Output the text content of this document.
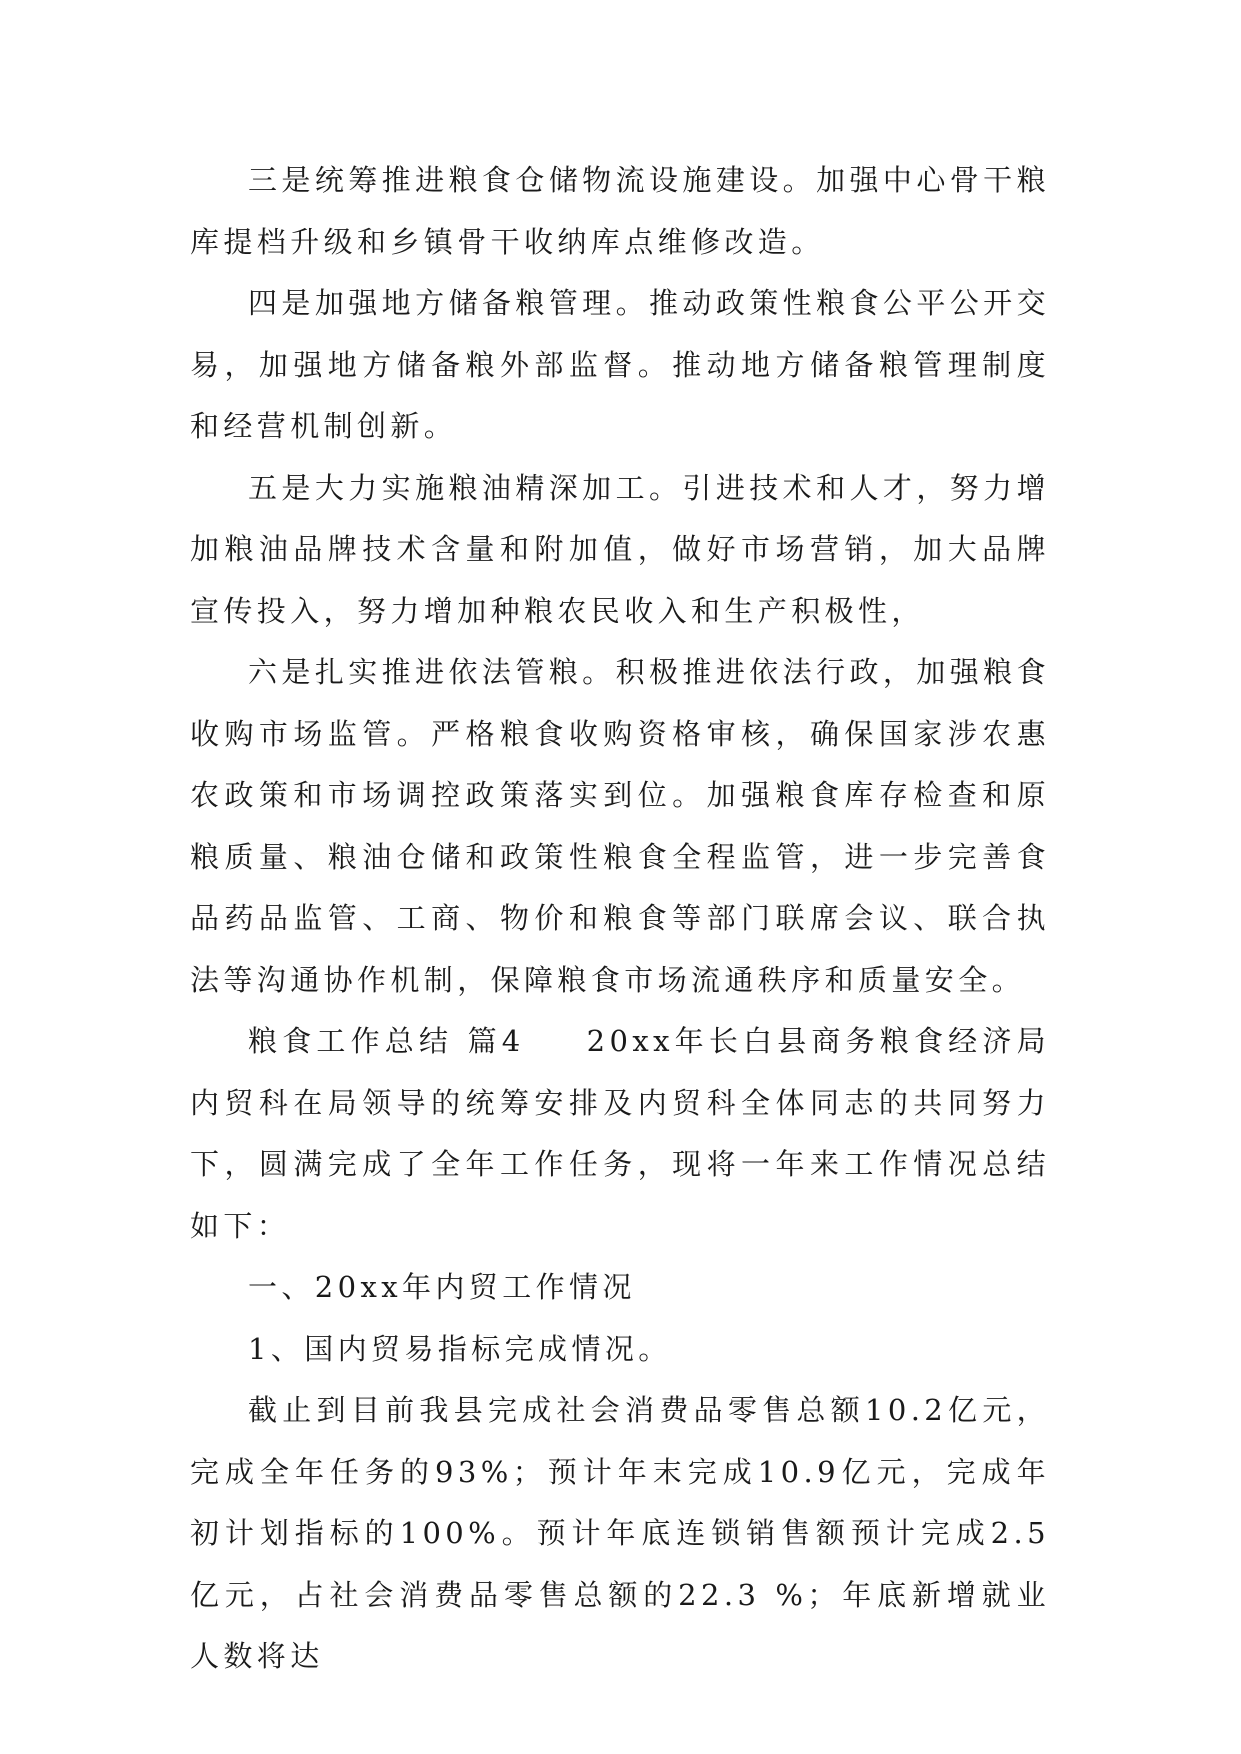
三是统筹推进粮食仓储物流设施建设。加强中心骨干粮库提档升级和乡镇骨干收纳库点维修改造。

四是加强地方储备粮管理。推动政策性粮食公平公开交易，加强地方储备粮外部监督。推动地方储备粮管理制度和经营机制创新。

五是大力实施粮油精深加工。引进技术和人才，努力增加粮油品牌技术含量和附加值，做好市场营销，加大品牌宣传投入，努力增加种粮农民收入和生产积极性，

六是扎实推进依法管粮。积极推进依法行政，加强粮食收购市场监管。严格粮食收购资格审核，确保国家涉农惠农政策和市场调控政策落实到位。加强粮食库存检查和原粮质量、粮油仓储和政策性粮食全程监管，进一步完善食品药品监管、工商、物价和粮食等部门联席会议、联合执法等沟通协作机制，保障粮食市场流通秩序和质量安全。

粮食工作总结 篇4 20xx年长白县商务粮食经济局内贸科在局领导的统筹安排及内贸科全体同志的共同努力下，圆满完成了全年工作任务，现将一年来工作情况总结如下：

一、20xx年内贸工作情况

1、国内贸易指标完成情况。

截止到目前我县完成社会消费品零售总额10.2亿元，完成全年任务的93%；预计年末完成10.9亿元，完成年初计划指标的100%。预计年底连锁销售额预计完成2.5亿元，占社会消费品零售总额的22.3 %；年底新增就业人数将达
